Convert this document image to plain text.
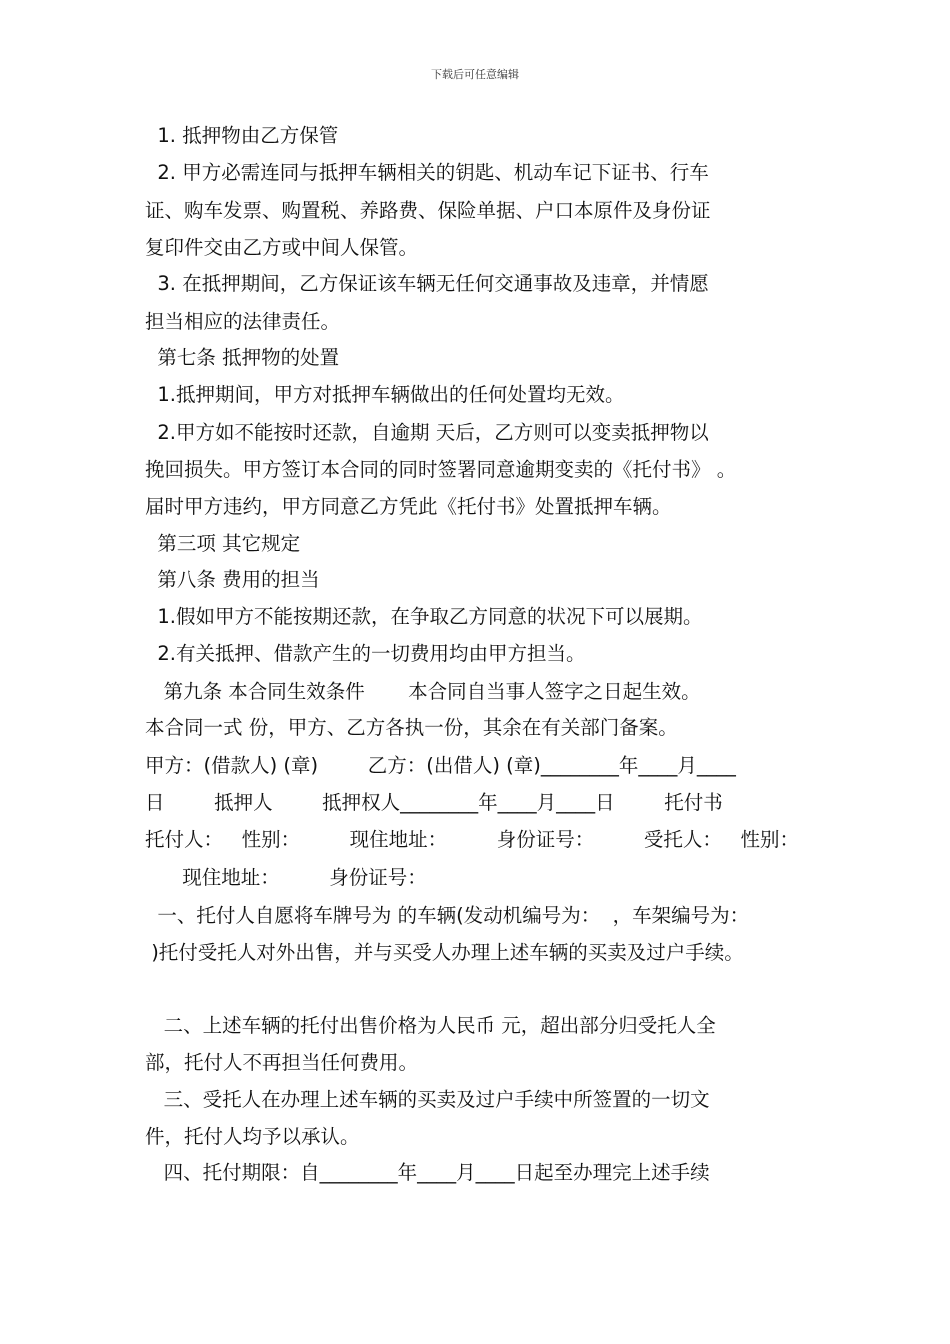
下载后可任意编辑
1. 抵押物由乙方保管
2. 甲方必需连同与抵押车辆相关的钥匙、机动车记下证书、行车
证、购车发票、购置税、养路费、保险单据、户口本原件及身份证
复印件交由乙方或中间人保管。
3. 在抵押期间，乙方保证该车辆无任何交通事故及违章，并情愿
担当相应的法律责任。
第七条 抵押物的处置
1.抵押期间，甲方对抵押车辆做出的任何处置均无效。
2.甲方如不能按时还款，自逾期 天后，乙方则可以变卖抵押物以
挽回损失。甲方签订本合同的同时签署同意逾期变卖的《托付书》 。
届时甲方违约，甲方同意乙方凭此《托付书》处置抵押车辆。
第三项 其它规定
第八条 费用的担当
1.假如甲方不能按期还款，在争取乙方同意的状况下可以展期。
2.有关抵押、借款产生的一切费用均由甲方担当。
第九条 本合同生效条件       本合同自当事人签字之日起生效。
本合同一式 份，甲方、乙方各执一份，其余在有关部门备案。
甲方：(借款人) (章)        乙方：(出借人) (章)________年____月____
日        抵押人        抵押权人________年____月____日        托付书
托付人：   性别：        现住地址：        身份证号：        受托人：   性别：
现住地址：        身份证号：
一、托付人自愿将车牌号为 的车辆(发动机编号为：  ，车架编号为：
)托付受托人对外出售，并与买受人办理上述车辆的买卖及过户手续。
二、上述车辆的托付出售价格为人民币 元，超出部分归受托人全
部，托付人不再担当任何费用。
三、受托人在办理上述车辆的买卖及过户手续中所签置的一切文
件，托付人均予以承认。
四、托付期限：自________年____月____日起至办理完上述手续
